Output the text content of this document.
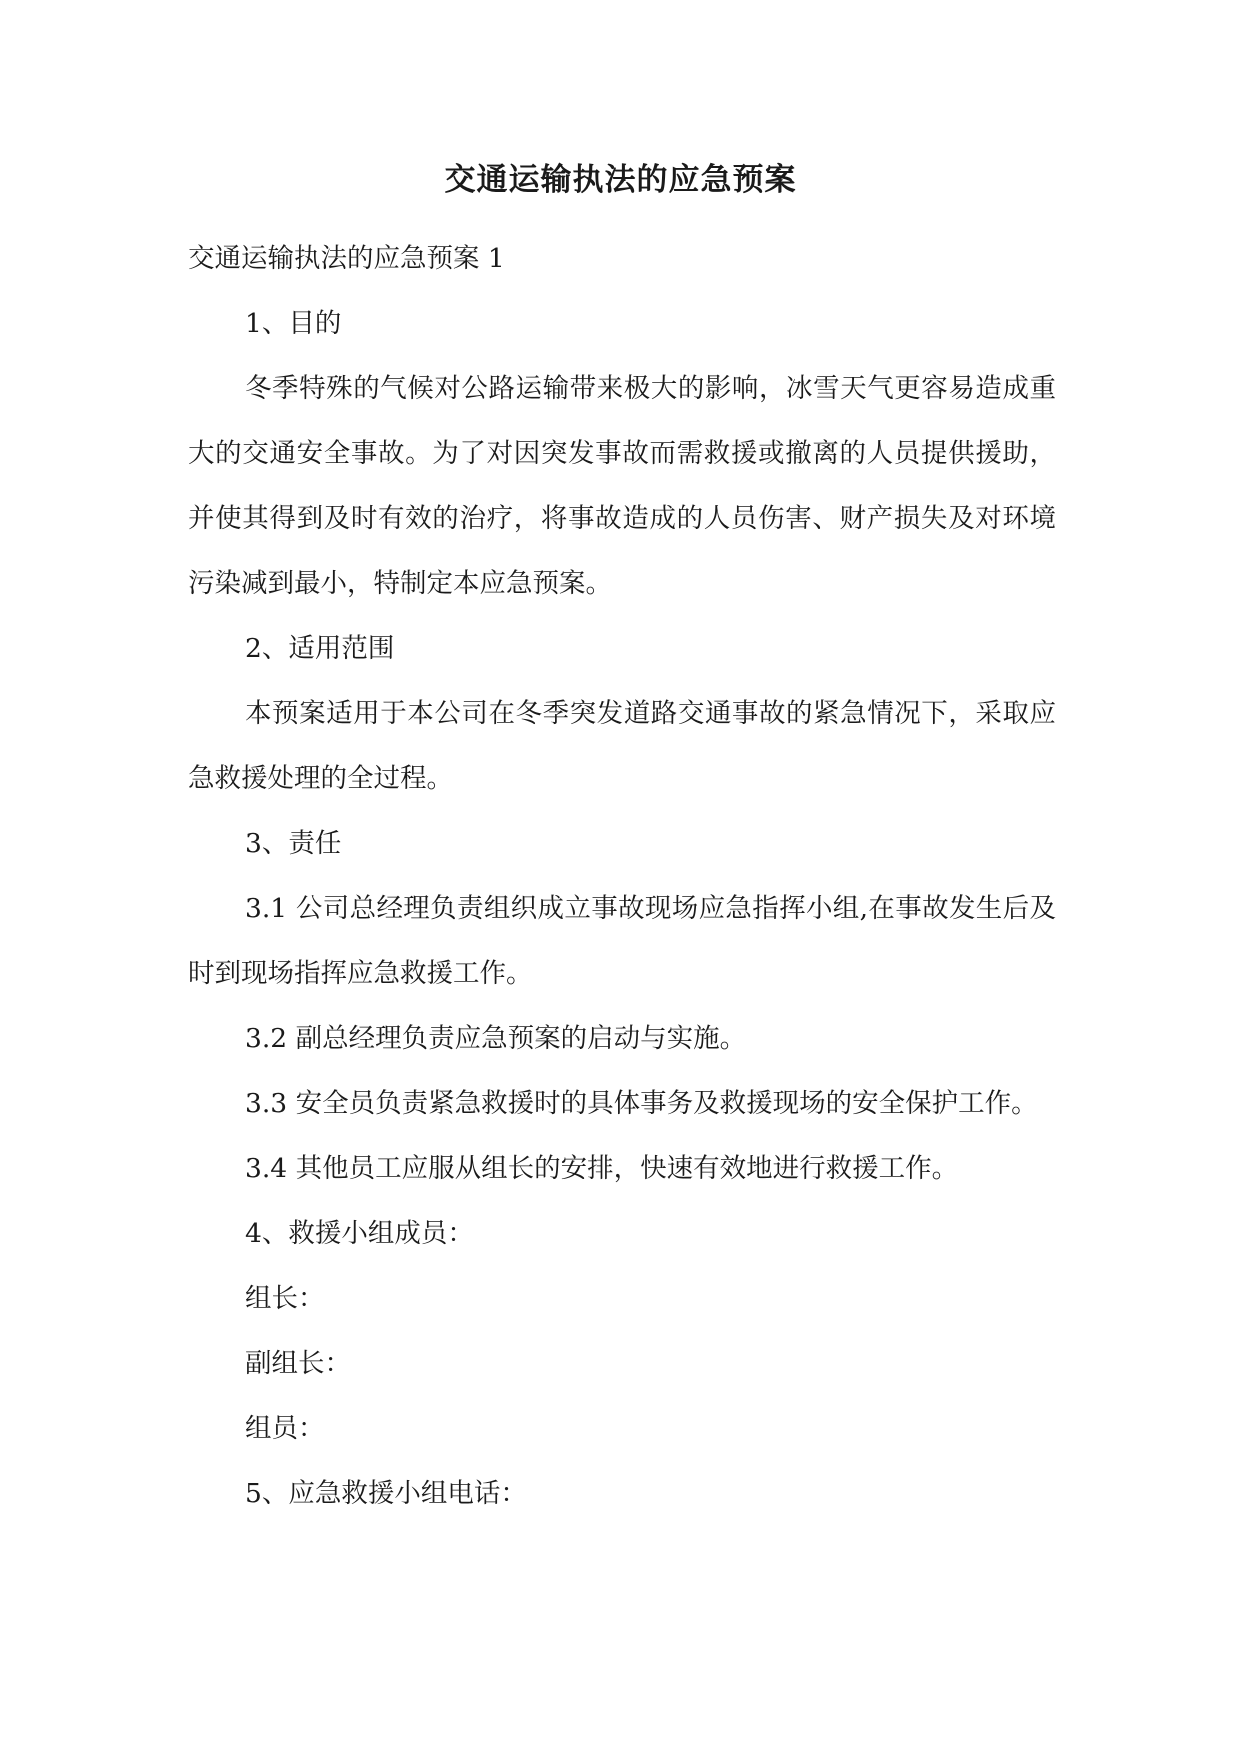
交通运输执法的应急预案

交通运输执法的应急预案 1

1、目的

冬季特殊的气候对公路运输带来极大的影响，冰雪天气更容易造成重大的交通安全事故。为了对因突发事故而需救援或撤离的人员提供援助，并使其得到及时有效的治疗，将事故造成的人员伤害、财产损失及对环境污染减到最小，特制定本应急预案。

2、适用范围

本预案适用于本公司在冬季突发道路交通事故的紧急情况下，采取应急救援处理的全过程。

3、责任

3.1 公司总经理负责组织成立事故现场应急指挥小组,在事故发生后及时到现场指挥应急救援工作。

3.2 副总经理负责应急预案的启动与实施。

3.3 安全员负责紧急救援时的具体事务及救援现场的安全保护工作。

3.4 其他员工应服从组长的安排，快速有效地进行救援工作。

4、救援小组成员：

组长：

副组长：

组员：

5、应急救援小组电话：
